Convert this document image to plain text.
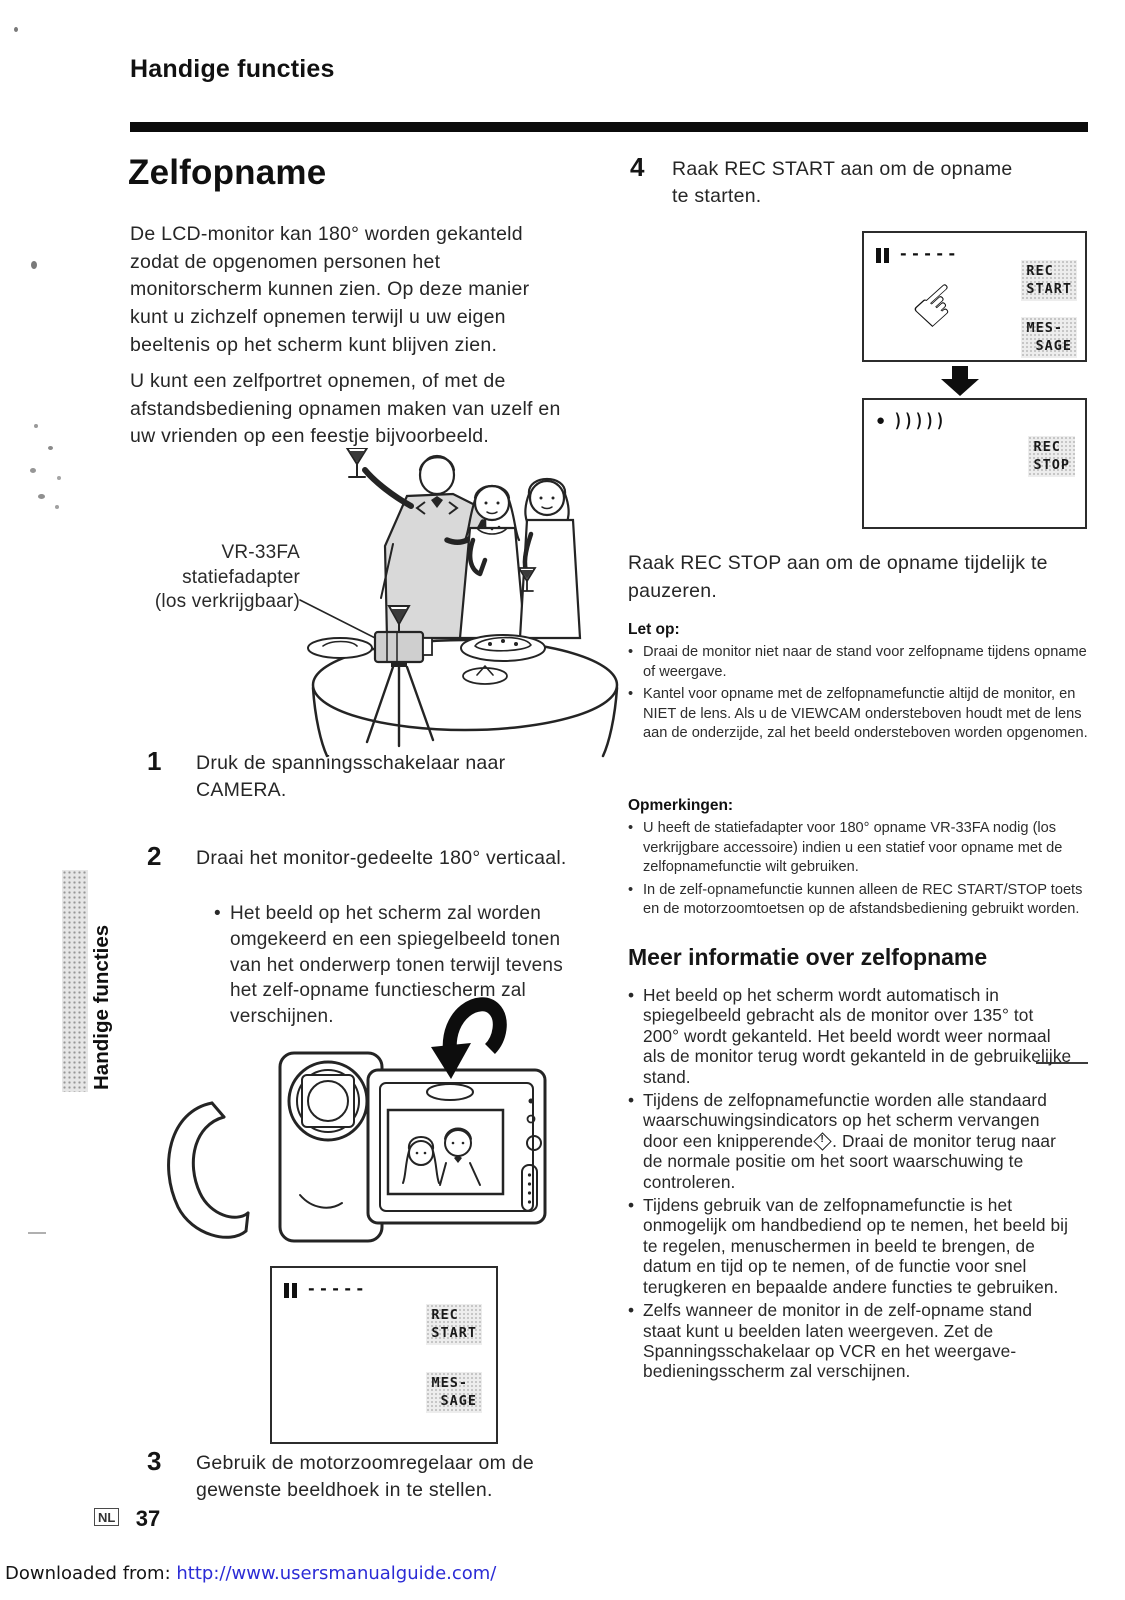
Handige functies
Handige functies
Zelfopname
De LCD-monitor kan 180° worden gekanteld zodat de opgenomen personen het monitorscherm kunnen zien. Op deze manier kunt u zichzelf opnemen terwijl u uw eigen beeltenis op het scherm kunt blijven zien.
U kunt een zelfportret opnemen, of met de afstandsbediening opnamen maken van uzelf en uw vrienden op een feestje bijvoorbeeld.
VR-33FA
statiefadapter
(los verkrijgbaar)
1 Druk de spanningsschakelaar naar CAMERA.
2 Draai het monitor-gedeelte 180° verticaal.
• Het beeld op het scherm zal worden omgekeerd en een spiegelbeeld tonen van het onderwerp tonen terwijl tevens het zelf-opname functiescherm zal verschijnen.
-----
REC
START
MES-
SAGE
3 Gebruik de motorzoomregelaar om de gewenste beeldhoek in te stellen.
NL 37
4 Raak REC START aan om de opname te starten.
-----
REC
START
MES-
SAGE
☞
● )))))
REC
STOP
Raak REC STOP aan om de opname tijdelijk te pauzeren.
Let op:
• Draai de monitor niet naar de stand voor zelfopname tijdens opname of weergave.
• Kantel voor opname met de zelfopnamefunctie altijd de monitor, en NIET de lens. Als u de VIEWCAM ondersteboven houdt met de lens aan de onderzijde, zal het beeld ondersteboven worden opgenomen.
Opmerkingen:
• U heeft de statiefadapter voor 180° opname VR-33FA nodig (los verkrijgbare accessoire) indien u een statief voor opname met de zelfopnamefunctie wilt gebruiken.
• In de zelf-opnamefunctie kunnen alleen de REC START/STOP toets en de motorzoomtoetsen op de afstandsbediening gebruikt worden.
Meer informatie over zelfopname
• Het beeld op het scherm wordt automatisch in spiegelbeeld gebracht als de monitor over 135° tot 200° wordt gekanteld. Het beeld wordt weer normaal als de monitor terug wordt gekanteld in de gebruikelijke stand.
• Tijdens de zelfopnamefunctie worden alle standaard waarschuwingsindicators op het scherm vervangen door een knipperende ! . Draai de monitor terug naar de normale positie om het soort waarschuwing te controleren.
• Tijdens gebruik van de zelfopnamefunctie is het onmogelijk om handbediend op te nemen, het beeld bij te regelen, menuschermen in beeld te brengen, de datum en tijd op te nemen, of de functie voor snel terugkeren en bepaalde andere functies te gebruiken.
• Zelfs wanneer de monitor in de zelf-opname stand staat kunt u beelden laten weergeven. Zet de Spanningsschakelaar op VCR en het weergave-bedieningsscherm zal verschijnen.
Downloaded from: http://www.usersmanualguide.com/
